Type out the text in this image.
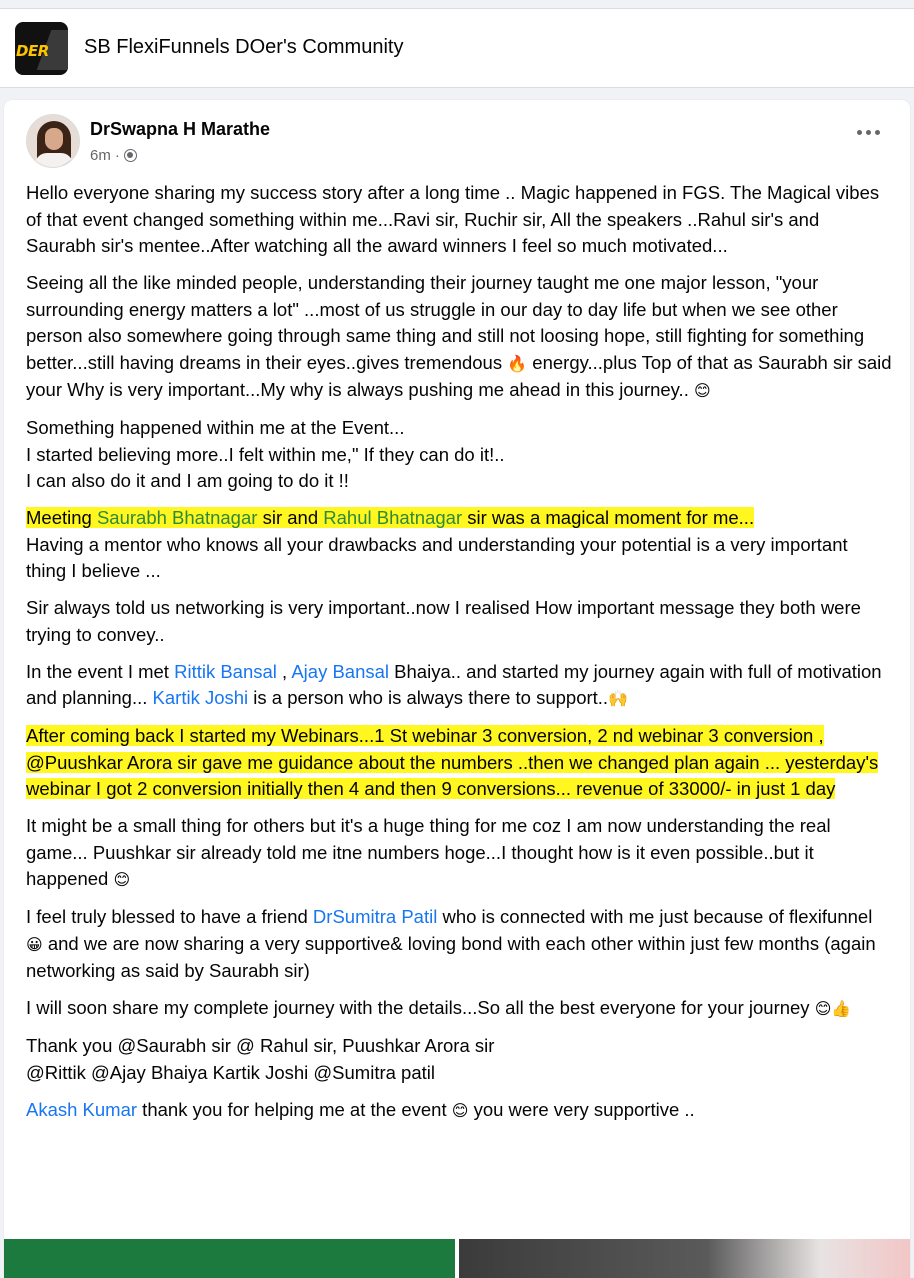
DER SB FlexiFunnels DOer's Community
DrSwapna H Marathe
6m ·

Hello everyone sharing my success story after a long time .. Magic happened in FGS. The Magical vibes of that event changed something within me...Ravi sir, Ruchir sir, All the speakers ..Rahul sir's and Saurabh sir's mentee..After watching all the award winners I feel so much motivated...

Seeing all the like minded people, understanding their journey taught me one major lesson, "your surrounding energy matters a lot" ...most of us struggle in our day to day life but when we see other person also somewhere going through same thing and still not loosing hope, still fighting for something better...still having dreams in their eyes..gives tremendous 🔥 energy...plus Top of that as Saurabh sir said your Why is very important...My why is always pushing me ahead in this journey.. 😊

Something happened within me at the Event...
I started believing more..I felt within me," If they can do it!..
I can also do it and I am going to do it !!

Meeting Saurabh Bhatnagar sir and Rahul Bhatnagar sir was a magical moment for me...
Having a mentor who knows all your drawbacks and understanding your potential is a very important thing I believe ...

Sir always told us networking is very important..now I realised How important message they both were trying to convey..

In the event I met Rittik Bansal , Ajay Bansal Bhaiya.. and started my journey again with full of motivation and planning... Kartik Joshi is a person who is always there to support..🙌

After coming back I started my Webinars...1 St webinar 3 conversion, 2 nd webinar 3 conversion , @Puushkar Arora sir gave me guidance about the numbers ..then we changed plan again ... yesterday's webinar I got 2 conversion initially then 4 and then 9 conversions... revenue of 33000/- in just 1 day

It might be a small thing for others but it's a huge thing for me coz I am now understanding the real game... Puushkar sir already told me itne numbers hoge...I thought how is it even possible..but it happened 😊

I feel truly blessed to have a friend DrSumitra Patil who is connected with me just because of flexifunnel 😀 and we are now sharing a very supportive& loving bond with each other within just few months (again networking as said by Saurabh sir)

I will soon share my complete journey with the details...So all the best everyone for your journey 😊👍

Thank you @Saurabh sir @ Rahul sir, Puushkar Arora sir
@Rittik @Ajay Bhaiya Kartik Joshi @Sumitra patil

Akash Kumar thank you for helping me at the event 😊 you were very supportive ..
